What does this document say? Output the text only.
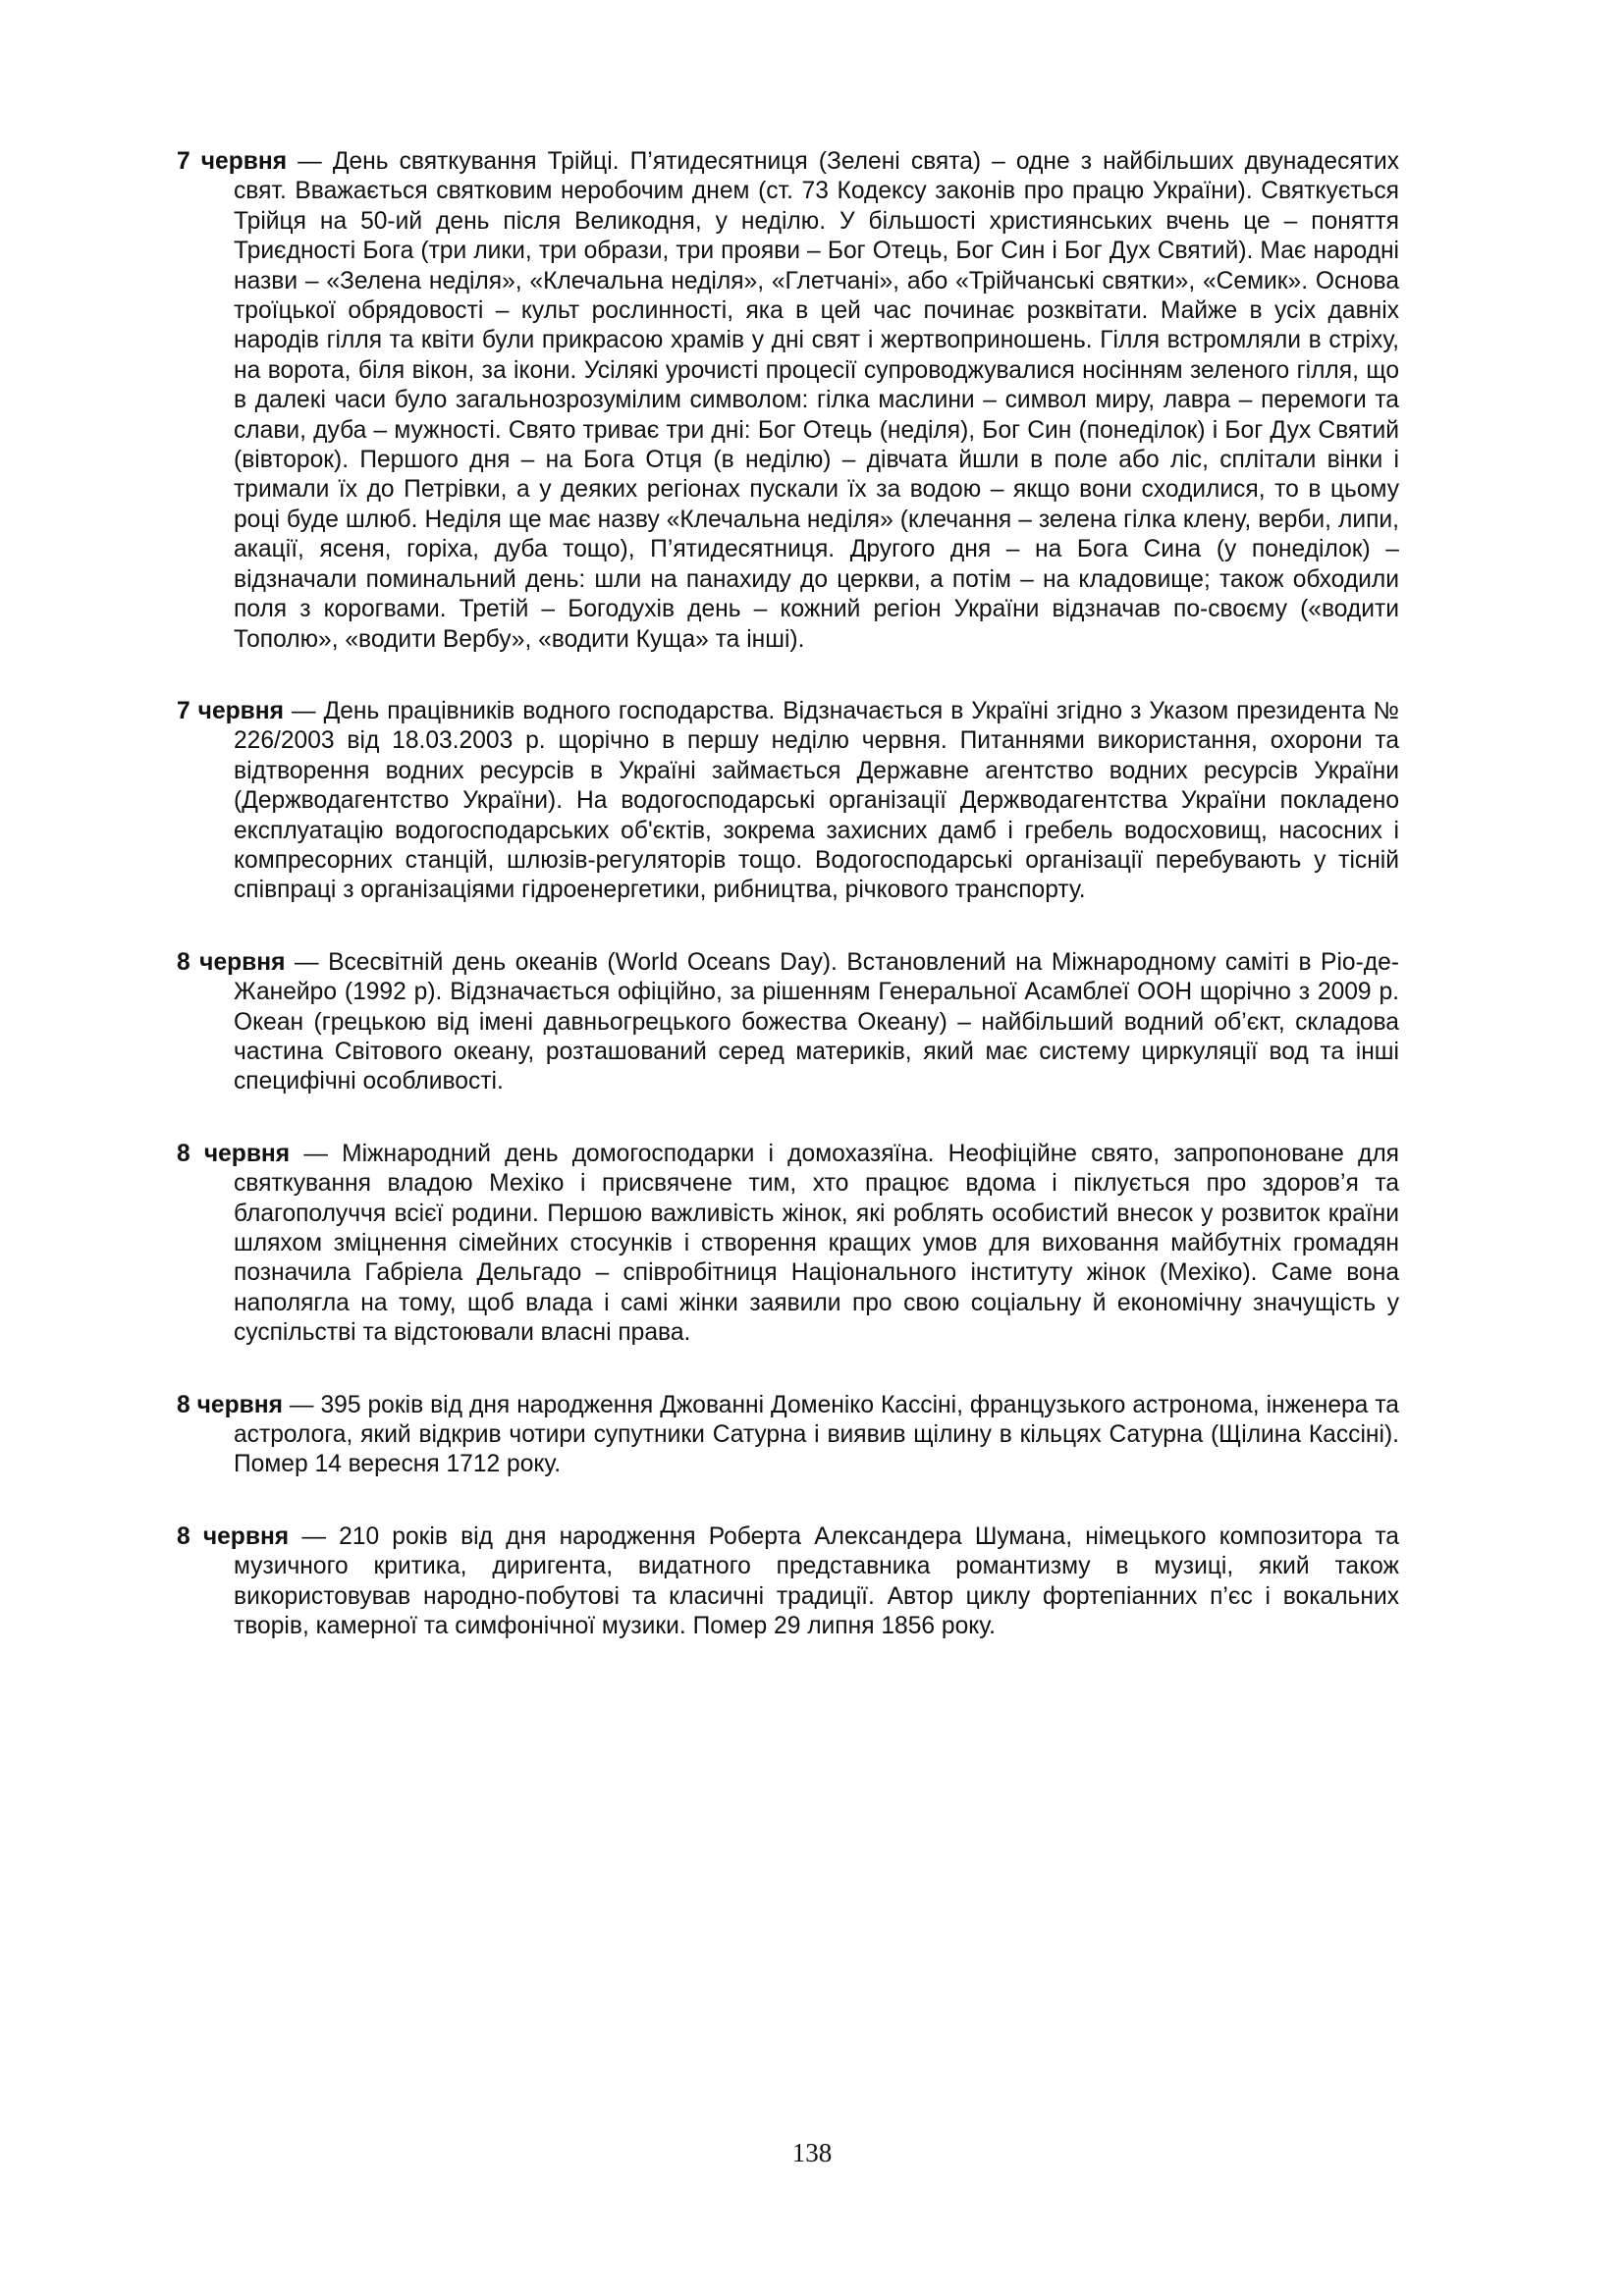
7 червня — День святкування Трійці. П’ятидесятниця (Зелені свята) – одне з найбільших двунадесятих свят. Вважається святковим неробочим днем (ст. 73 Кодексу законів про працю України). Святкується Трійця на 50-ий день після Великодня, у неділю. У більшості християнських вчень це – поняття Триєдності Бога (три лики, три образи, три прояви – Бог Отець, Бог Син і Бог Дух Святий). Має народні назви – «Зелена неділя», «Клечальна неділя», «Глетчані», або «Трійчанські святки», «Семик». Основа троїцької обрядовості – культ рослинності, яка в цей час починає розквітати. Майже в усіх давніх народів гілля та квіти були прикрасою храмів у дні свят і жертвоприношень. Гілля встромляли в стріху, на ворота, біля вікон, за ікони. Усілякі урочисті процесії супроводжувалися носінням зеленого гілля, що в далекі часи було загальнозрозумілим символом: гілка маслини – символ миру, лавра – перемоги та слави, дуба – мужності. Свято триває три дні: Бог Отець (неділя), Бог Син (понеділок) і Бог Дух Святий (вівторок). Першого дня – на Бога Отця (в неділю) – дівчата йшли в поле або ліс, сплітали вінки і тримали їх до Петрівки, а у деяких регіонах пускали їх за водою – якщо вони сходилися, то в цьому році буде шлюб. Неділя ще має назву «Клечальна неділя» (клечання – зелена гілка клену, верби, липи, акації, ясеня, горіха, дуба тощо), П’ятидесятниця. Другого дня – на Бога Сина (у понеділок) – відзначали поминальний день: шли на панахиду до церкви, а потім – на кладовище; також обходили поля з корогвами. Третій – Богодухів день – кожний регіон України відзначав по-своєму («водити Тополю», «водити Вербу», «водити Куща» та інші).

7 червня — День працівників водного господарства. Відзначається в Україні згідно з Указом президента № 226/2003 від 18.03.2003 р. щорічно в першу неділю червня. Питаннями використання, охорони та відтворення водних ресурсів в Україні займається Державне агентство водних ресурсів України (Держводагентство України). На водогосподарські організації Держводагентства України покладено експлуатацію водогосподарських об'єктів, зокрема захисних дамб і гребель водосховищ, насосних і компресорних станцій, шлюзів-регуляторів тощо. Водогосподарські організації перебувають у тісній співпраці з організаціями гідроенергетики, рибництва, річкового транспорту.

8 червня — Всесвітній день океанів (World Oceans Day). Встановлений на Міжнародному саміті в Ріо-де-Жанейро (1992 р). Відзначається офіційно, за рішенням Генеральної Асамблеї ООН щорічно з 2009 р. Океан (грецькою від імені давньогрецького божества Океану) – найбільший водний об’єкт, складова частина Світового океану, розташований серед материків, який має систему циркуляції вод та інші специфічні особливості.

8 червня — Міжнародний день домогосподарки і домохазяїна. Неофіційне свято, запропоноване для святкування владою Мехіко і присвячене тим, хто працює вдома і піклується про здоров’я та благополуччя всієї родини. Першою важливість жінок, які роблять особистий внесок у розвиток країни шляхом зміцнення сімейних стосунків і створення кращих умов для виховання майбутніх громадян позначила Габріела Дельгадо – співробітниця Національного інституту жінок (Мехіко). Саме вона наполягла на тому, щоб влада і самі жінки заявили про свою соціальну й економічну значущість у суспільстві та відстоювали власні права.

8 червня — 395 років від дня народження Джованні Доменіко Кассіні, французького астронома, інженера та астролога, який відкрив чотири супутники Сатурна і виявив щілину в кільцях Сатурна (Щілина Кассіні). Помер 14 вересня 1712 року.

8 червня — 210 років від дня народження Роберта Александера Шумана, німецького композитора та музичного критика, диригента, видатного представника романтизму в музиці, який також використовував народно-побутові та класичні традиції. Автор циклу фортепіанних п’єс і вокальних творів, камерної та симфонічної музики. Помер 29 липня 1856 року.

138
